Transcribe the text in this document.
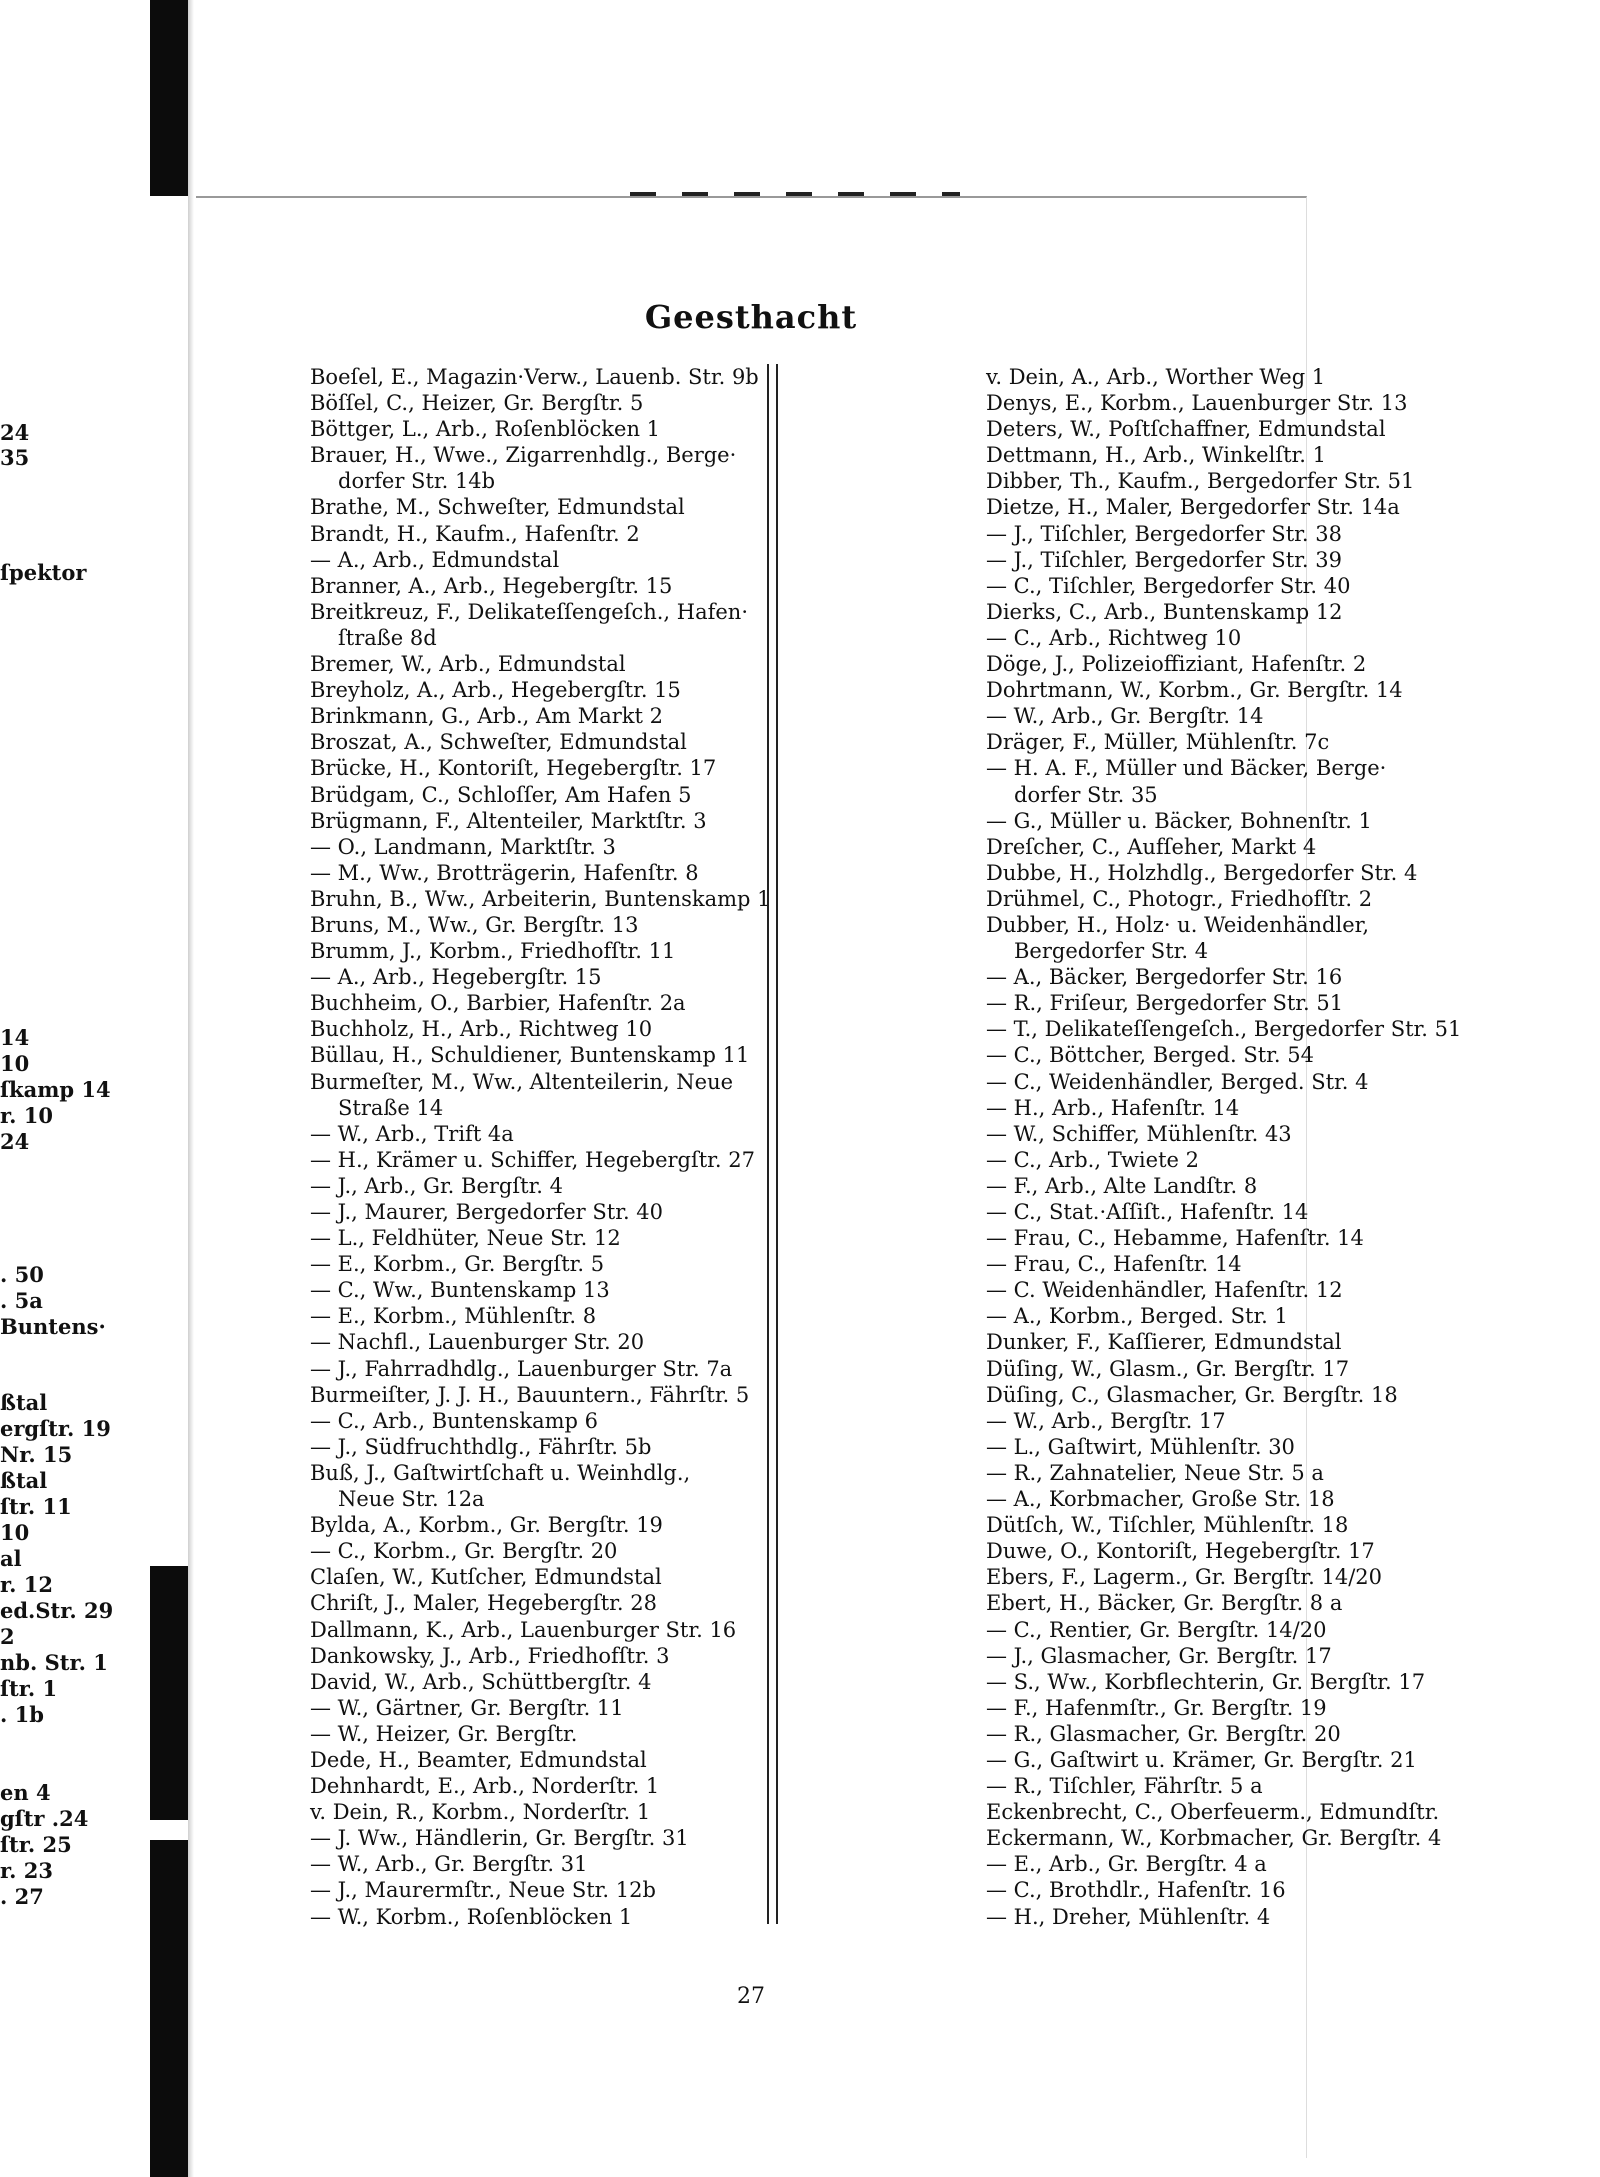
24
35
ſpektor
14
10
ſkamp 14
r. 10
24
. 50
. 5a
Buntens·
ßtal
ergſtr. 19
Nr. 15
ßtal
ſtr. 11
10
al
r. 12
ed.Str. 29
2
nb. Str. 1
ſtr. 1
. 1b
en 4
gſtr .24
ſtr. 25
r. 23
. 27
Geesthacht
Boeſel, E., Magazin·Verw., Lauenb. Str. 9b
Böſſel, C., Heizer, Gr. Bergſtr. 5
Böttger, L., Arb., Roſenblöcken 1
Brauer, H., Wwe., Zigarrenhdlg., Berge·
dorfer Str. 14b
Brathe, M., Schweſter, Edmundstal
Brandt, H., Kaufm., Hafenſtr. 2
— A., Arb., Edmundstal
Branner, A., Arb., Hegebergſtr. 15
Breitkreuz, F., Delikateſſengeſch., Hafen·
ſtraße 8d
Bremer, W., Arb., Edmundstal
Breyholz, A., Arb., Hegebergſtr. 15
Brinkmann, G., Arb., Am Markt 2
Broszat, A., Schweſter, Edmundstal
Brücke, H., Kontoriſt, Hegebergſtr. 17
Brüdgam, C., Schloſſer, Am Hafen 5
Brügmann, F., Altenteiler, Marktſtr. 3
— O., Landmann, Marktſtr. 3
— M., Ww., Brotträgerin, Hafenſtr. 8
Bruhn, B., Ww., Arbeiterin, Buntenskamp 1
Bruns, M., Ww., Gr. Bergſtr. 13
Brumm, J., Korbm., Friedhofſtr. 11
— A., Arb., Hegebergſtr. 15
Buchheim, O., Barbier, Hafenſtr. 2a
Buchholz, H., Arb., Richtweg 10
Büllau, H., Schuldiener, Buntenskamp 11
Burmeſter, M., Ww., Altenteilerin, Neue
Straße 14
— W., Arb., Trift 4a
— H., Krämer u. Schiffer, Hegebergſtr. 27
— J., Arb., Gr. Bergſtr. 4
— J., Maurer, Bergedorfer Str. 40
— L., Feldhüter, Neue Str. 12
— E., Korbm., Gr. Bergſtr. 5
— C., Ww., Buntenskamp 13
— E., Korbm., Mühlenſtr. 8
— Nachfl., Lauenburger Str. 20
— J., Fahrradhdlg., Lauenburger Str. 7a
Burmeiſter, J. J. H., Bauuntern., Fährſtr. 5
— C., Arb., Buntenskamp 6
— J., Südfruchthdlg., Fährſtr. 5b
Buß, J., Gaſtwirtſchaft u. Weinhdlg.,
Neue Str. 12a
Bylda, A., Korbm., Gr. Bergſtr. 19
— C., Korbm., Gr. Bergſtr. 20
Claſen, W., Kutſcher, Edmundstal
Chriſt, J., Maler, Hegebergſtr. 28
Dallmann, K., Arb., Lauenburger Str. 16
Dankowsky, J., Arb., Friedhofſtr. 3
David, W., Arb., Schüttbergſtr. 4
— W., Gärtner, Gr. Bergſtr. 11
— W., Heizer, Gr. Bergſtr.
Dede, H., Beamter, Edmundstal
Dehnhardt, E., Arb., Norderſtr. 1
v. Dein, R., Korbm., Norderſtr. 1
— J. Ww., Händlerin, Gr. Bergſtr. 31
— W., Arb., Gr. Bergſtr. 31
— J., Maurermſtr., Neue Str. 12b
— W., Korbm., Roſenblöcken 1
v. Dein, A., Arb., Worther Weg 1
Denys, E., Korbm., Lauenburger Str. 13
Deters, W., Poſtſchaffner, Edmundstal
Dettmann, H., Arb., Winkelſtr. 1
Dibber, Th., Kaufm., Bergedorfer Str. 51
Dietze, H., Maler, Bergedorfer Str. 14a
— J., Tiſchler, Bergedorfer Str. 38
— J., Tiſchler, Bergedorfer Str. 39
— C., Tiſchler, Bergedorfer Str. 40
Dierks, C., Arb., Buntenskamp 12
— C., Arb., Richtweg 10
Döge, J., Polizeioffiziant, Hafenſtr. 2
Dohrtmann, W., Korbm., Gr. Bergſtr. 14
— W., Arb., Gr. Bergſtr. 14
Dräger, F., Müller, Mühlenſtr. 7c
— H. A. F., Müller und Bäcker, Berge·
dorfer Str. 35
— G., Müller u. Bäcker, Bohnenſtr. 1
Dreſcher, C., Aufſeher, Markt 4
Dubbe, H., Holzhdlg., Bergedorfer Str. 4
Drühmel, C., Photogr., Friedhofſtr. 2
Dubber, H., Holz· u. Weidenhändler,
Bergedorfer Str. 4
— A., Bäcker, Bergedorfer Str. 16
— R., Friſeur, Bergedorfer Str. 51
— T., Delikateſſengeſch., Bergedorfer Str. 51
— C., Böttcher, Berged. Str. 54
— C., Weidenhändler, Berged. Str. 4
— H., Arb., Hafenſtr. 14
— W., Schiffer, Mühlenſtr. 43
— C., Arb., Twiete 2
— F., Arb., Alte Landſtr. 8
— C., Stat.·Aſſiſt., Hafenſtr. 14
— Frau, C., Hebamme, Hafenſtr. 14
— Frau, C., Hafenſtr. 14
— C. Weidenhändler, Hafenſtr. 12
— A., Korbm., Berged. Str. 1
Dunker, F., Kaſſierer, Edmundstal
Düſing, W., Glasm., Gr. Bergſtr. 17
Düſing, C., Glasmacher, Gr. Bergſtr. 18
— W., Arb., Bergſtr. 17
— L., Gaſtwirt, Mühlenſtr. 30
— R., Zahnatelier, Neue Str. 5 a
— A., Korbmacher, Große Str. 18
Dütſch, W., Tiſchler, Mühlenſtr. 18
Duwe, O., Kontoriſt, Hegebergſtr. 17
Ebers, F., Lagerm., Gr. Bergſtr. 14/20
Ebert, H., Bäcker, Gr. Bergſtr. 8 a
— C., Rentier, Gr. Bergſtr. 14/20
— J., Glasmacher, Gr. Bergſtr. 17
— S., Ww., Korbflechterin, Gr. Bergſtr. 17
— F., Hafenmſtr., Gr. Bergſtr. 19
— R., Glasmacher, Gr. Bergſtr. 20
— G., Gaſtwirt u. Krämer, Gr. Bergſtr. 21
— R., Tiſchler, Fährſtr. 5 a
Eckenbrecht, C., Oberfeuerm., Edmundſtr.
Eckermann, W., Korbmacher, Gr. Bergſtr. 4
— E., Arb., Gr. Bergſtr. 4 a
— C., Brothdlr., Hafenſtr. 16
— H., Dreher, Mühlenſtr. 4
27
